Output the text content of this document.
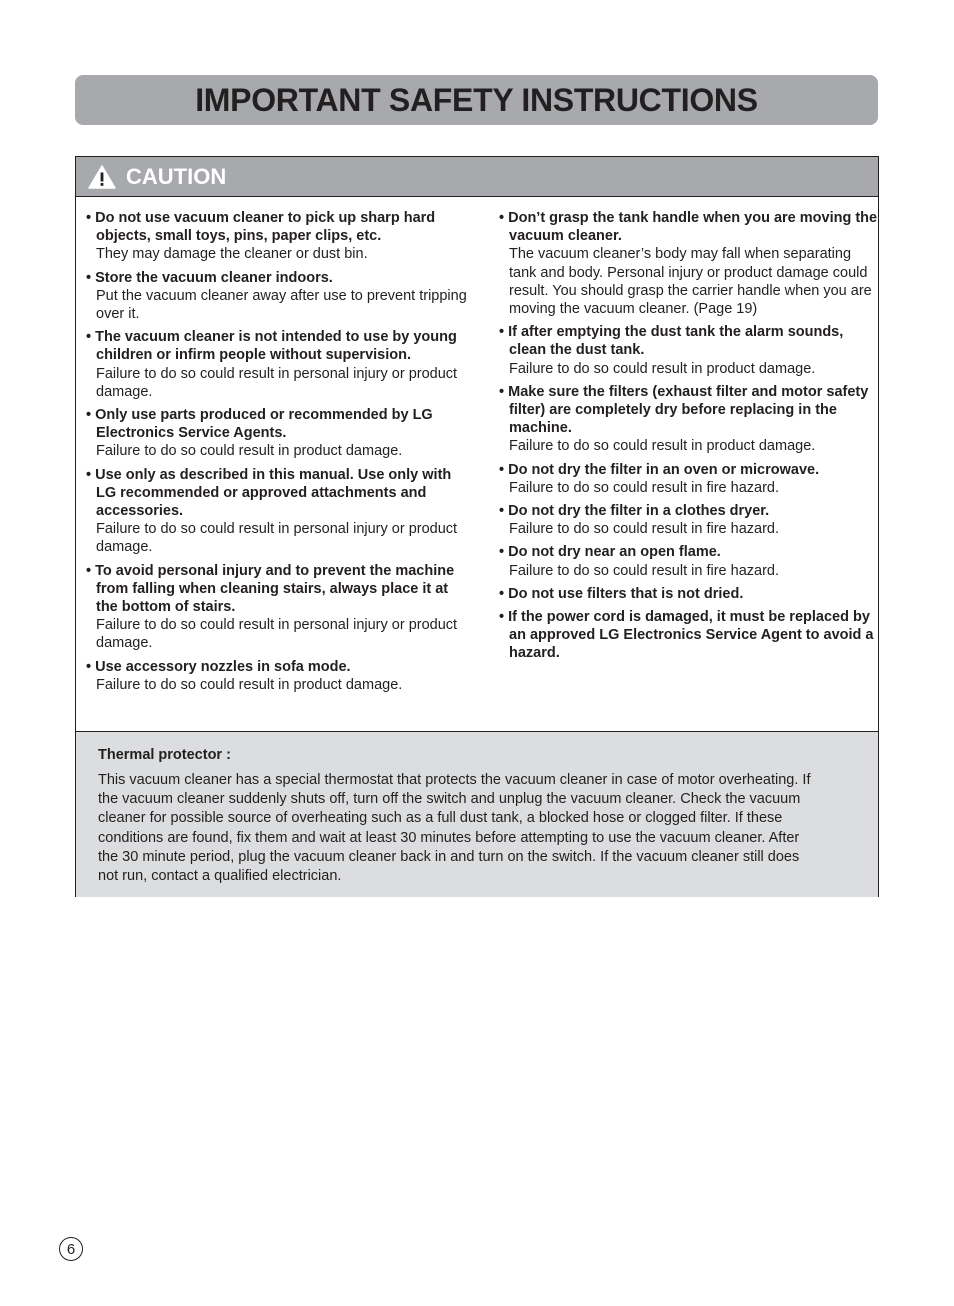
IMPORTANT SAFETY INSTRUCTIONS
CAUTION
• Do not use vacuum cleaner to pick up sharp hard objects, small toys, pins, paper clips, etc.
They may damage the cleaner or dust bin.
• Store the vacuum cleaner indoors.
Put the vacuum cleaner away after use to prevent tripping over it.
• The vacuum cleaner is not intended to use by young children or infirm people without supervision.
Failure to do so could result in personal injury or product damage.
• Only use parts produced or recommended by LG Electronics Service Agents.
Failure to do so could result in product damage.
• Use only as described in this manual. Use only with LG recommended or approved attachments and accessories.
Failure to do so could result in personal injury or product damage.
• To avoid personal injury and to prevent the machine from falling when cleaning stairs, always place it at the bottom of stairs.
Failure to do so could result in personal injury or product damage.
• Use accessory nozzles in sofa mode.
Failure to do so could result in product damage.
• Don’t grasp the tank handle when you are moving the vacuum cleaner.
The vacuum cleaner’s body may fall when separating tank and body. Personal injury or product damage could result. You should grasp the carrier handle when you are moving the vacuum cleaner. (Page 19)
• If after emptying the dust tank the alarm sounds, clean the dust tank.
Failure to do so could result in product damage.
• Make sure the filters (exhaust filter and motor safety filter) are completely dry before replacing in the machine.
Failure to do so could result in product damage.
• Do not dry the filter in an oven or microwave.
Failure to do so could result in fire hazard.
• Do not dry the filter in a clothes dryer.
Failure to do so could result in fire hazard.
• Do not dry near an open flame.
Failure to do so could result in fire hazard.
• Do not use filters that is not dried.
• If the power cord is damaged, it must be replaced by an approved LG Electronics Service Agent to avoid a hazard.
Thermal protector :

This vacuum cleaner has a special thermostat that protects the vacuum cleaner in case of motor overheating. If the vacuum cleaner suddenly shuts off, turn off the switch and unplug the vacuum cleaner. Check the vacuum cleaner for possible source of overheating such as a full dust tank, a blocked hose or clogged filter. If these conditions are found, fix them and wait at least 30 minutes before attempting to use the vacuum cleaner. After the 30 minute period, plug the vacuum cleaner back in and turn on the switch. If the vacuum cleaner still does not run, contact a qualified electrician.

6
